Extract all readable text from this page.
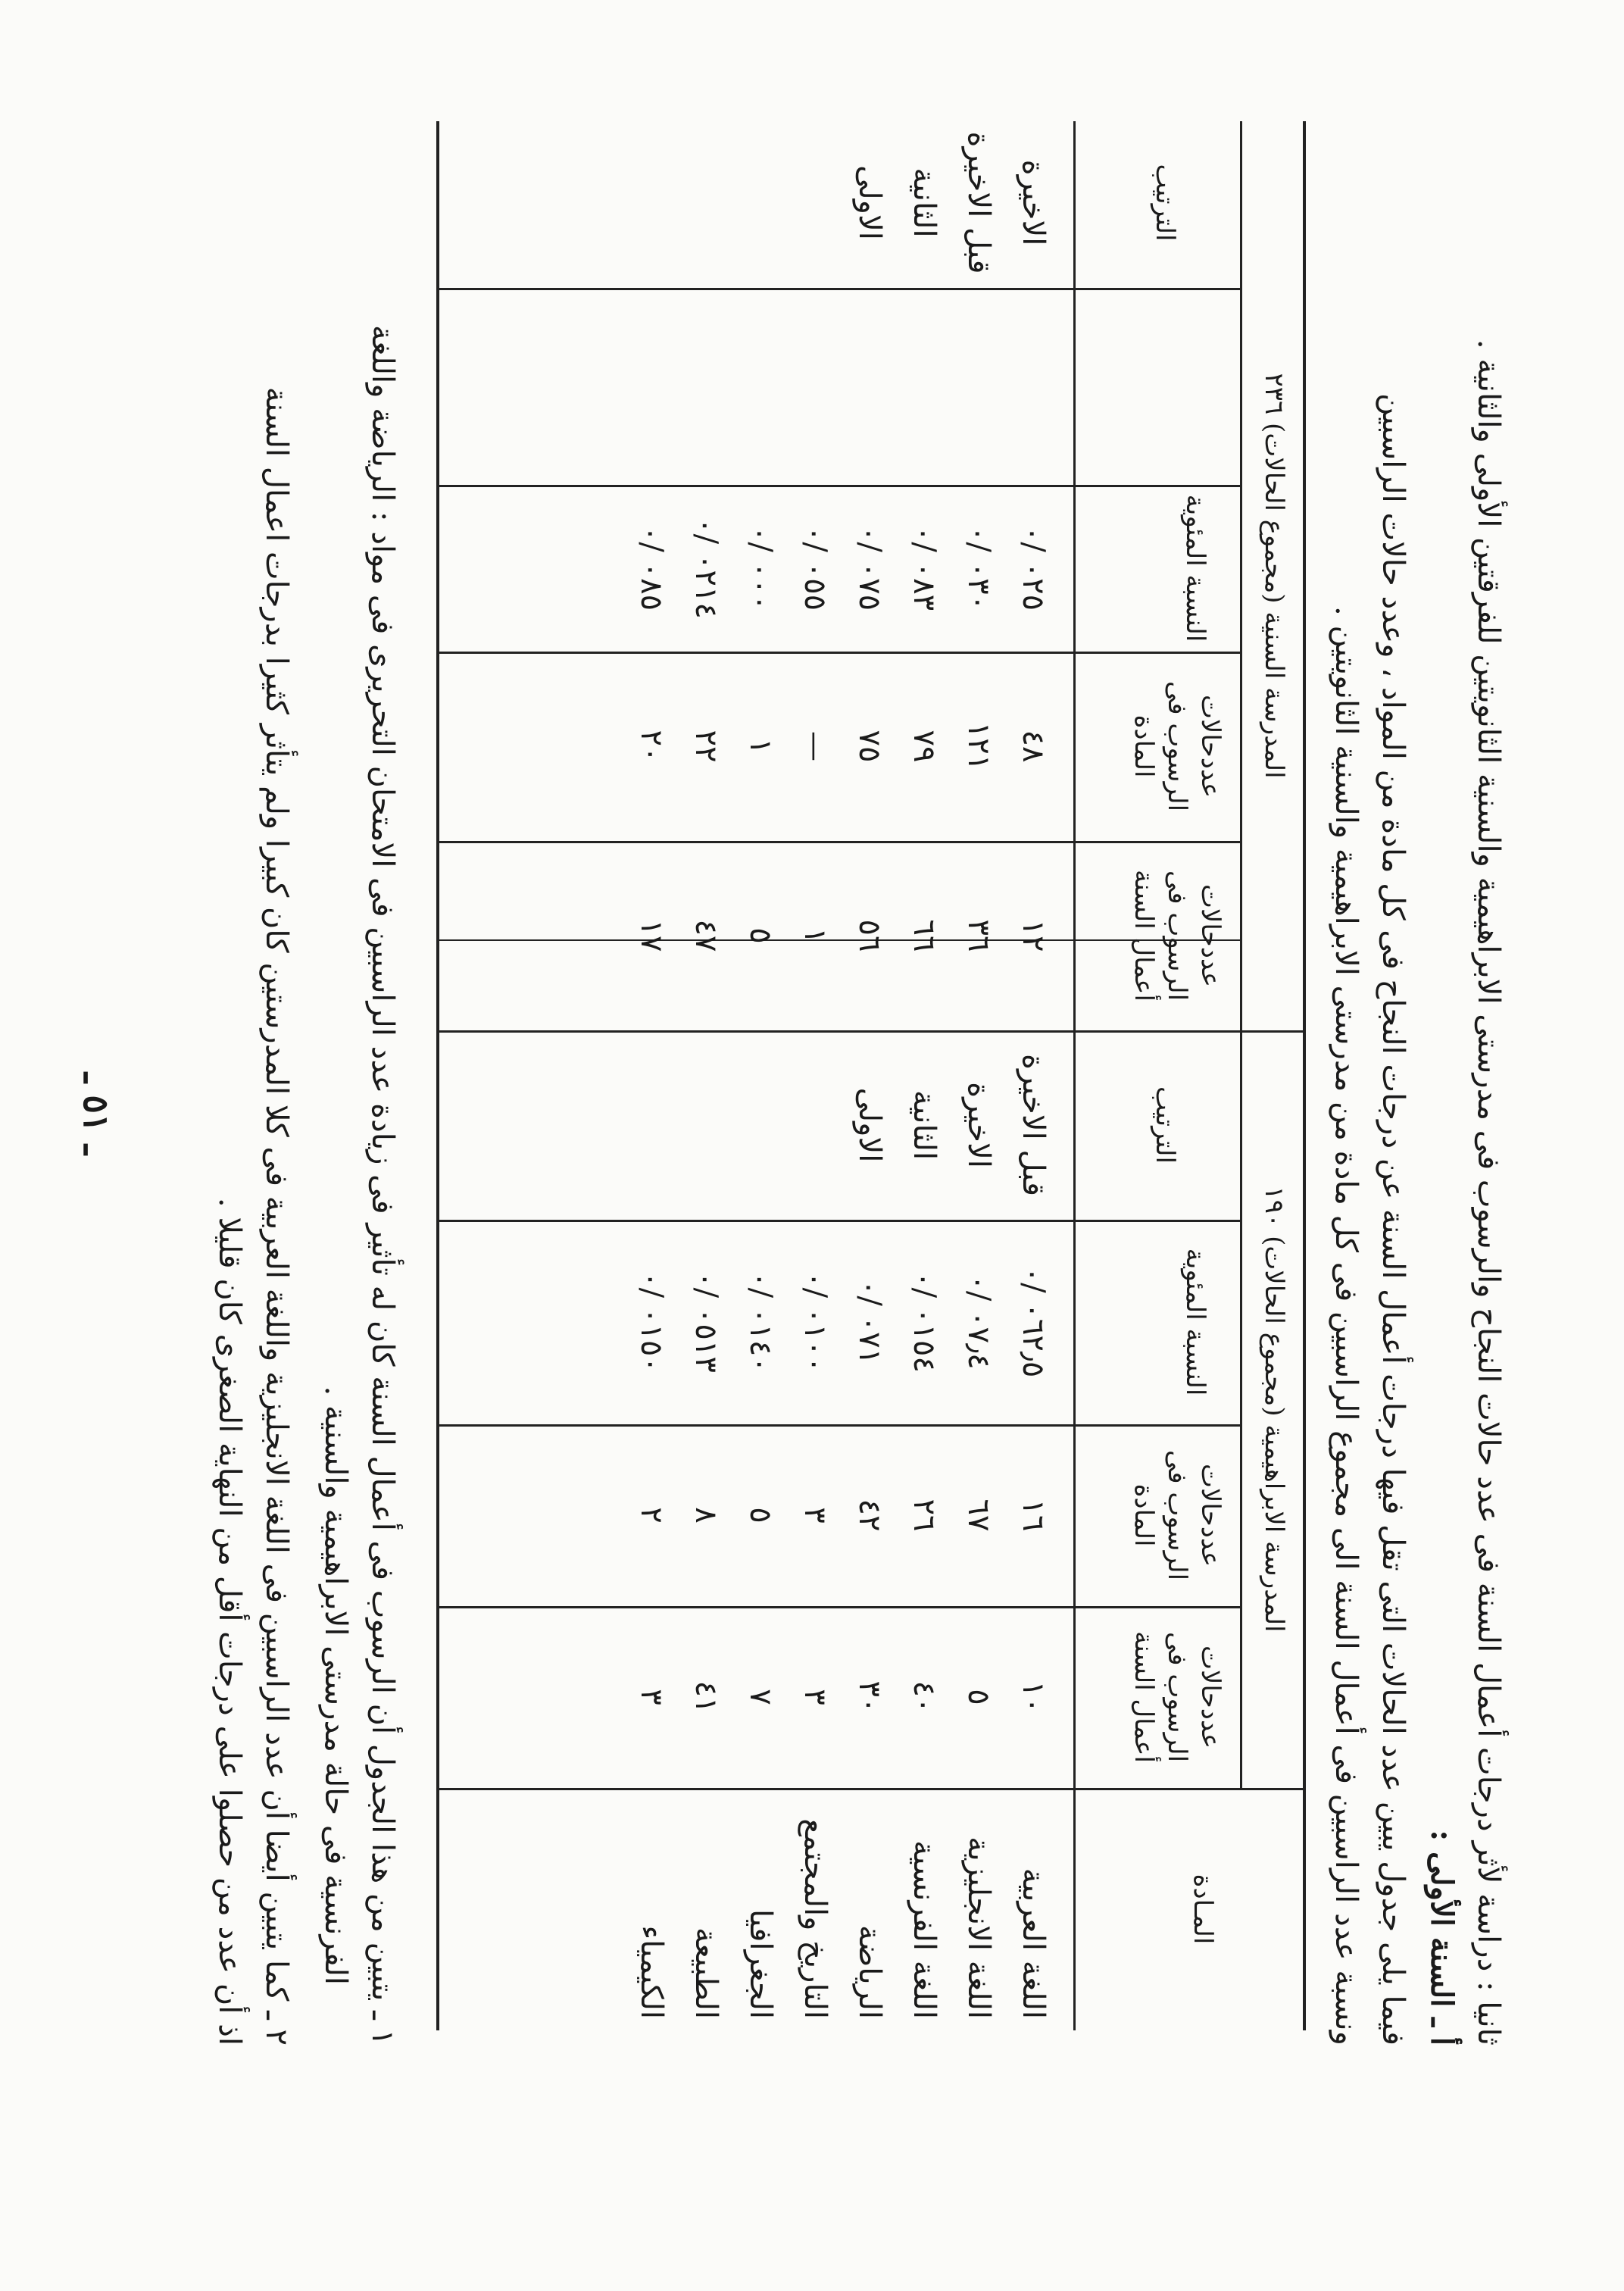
ثانيا : دراسة لأثر درجات أعمال السنة فى عدد حالات النجاح والرسوب فى مدرستى الابراهيمية والسنية الثانويتين للفرقتين الأولى والثانية .
أ ـ السنة الأولى :
فيما يلى جدول يبين عدد الحالات التى تقل فيها درجات أعمال السنة عن درجات النجاح فى كل مادة من المواد ، وعدد حالات الراسبين
ونسبة عدد الراسبين فى أعمال السنة الى مجموع الراسبين فى كل مادة من مدرستى الابراهيمية والسنية الثانويتين .
المدرسة الابراهيمية (مجموع الحالات) ١٩٠
المدرسة السنية (مجموع الحالات) ٢٣٦
المـادة
عددحالات الرسوب فى أعمال السنة
عددحالات الرسوب فى المادة
النسبة المئوية
الترتيب
عددحالات الرسوب فى أعمال السنة
عددحالات الرسوب فى المادة
النسبة المئوية
الترتيب
اللغة العربية
اللغة الانجليزية
اللغة الفرنسية
الرياضة
التاريخ والمجتمع
الجغرافيا
الطبيعة
الكيمياء
١٠
٥
٤٠
٣٠
٣
٧
٤١
٣
١٦
٦٧
٢٦
٤٢
٣
٥
٨
٢
٠٦٢٫٥ /٠
٠٧٫٤ /٠
٠١٥٤ /٠
٠٧١ /٠
٠١٠٠ /٠
٠١٤٠ /٠
٠٥١٣ /٠
٠١٥٠ /٠
قبل الاخيرة
الاخيرة
الثانية
الاولى
١٢
٣٦
٦٦
٥٦
١
٥
٤٧
١٧
٤٨
١٢١
٧٩
٧٥
—
١
٢٢
٢٠
٠٢٥ /٠
٠٣٠ /٠
٠٨٣ /٠
٠٧٥ /٠
٠٥٥ /٠
٠٠٠ /٠
٠٢١٤ /٠
٠٨٥ /٠
الاخيرة
قبل الاخيرة
الثانية
الاولى
١ ـ يتبين من هذا الجدول أن الرسوب فى أعمال السنة كان له تأثير فى زيادة عدد الراسبين فى الامتحان التحريرى فى مواد : الرياضة واللغة
الفرنسية فى حالة مدرستى الابراهيمية والسنية .
٢ ـ كما يتبين أيضا أن عدد الراسبين فى اللغة الانجليزية واللغة العربية فى كلا المدرستين كان كبيرا ولم يتأثر كثيرا بدرجات اعمال السنة
اذ أن عدد من حصلوا على درجات أقل من النهاية الصغرى كان قليلا .
ـ ٥١ ـ
